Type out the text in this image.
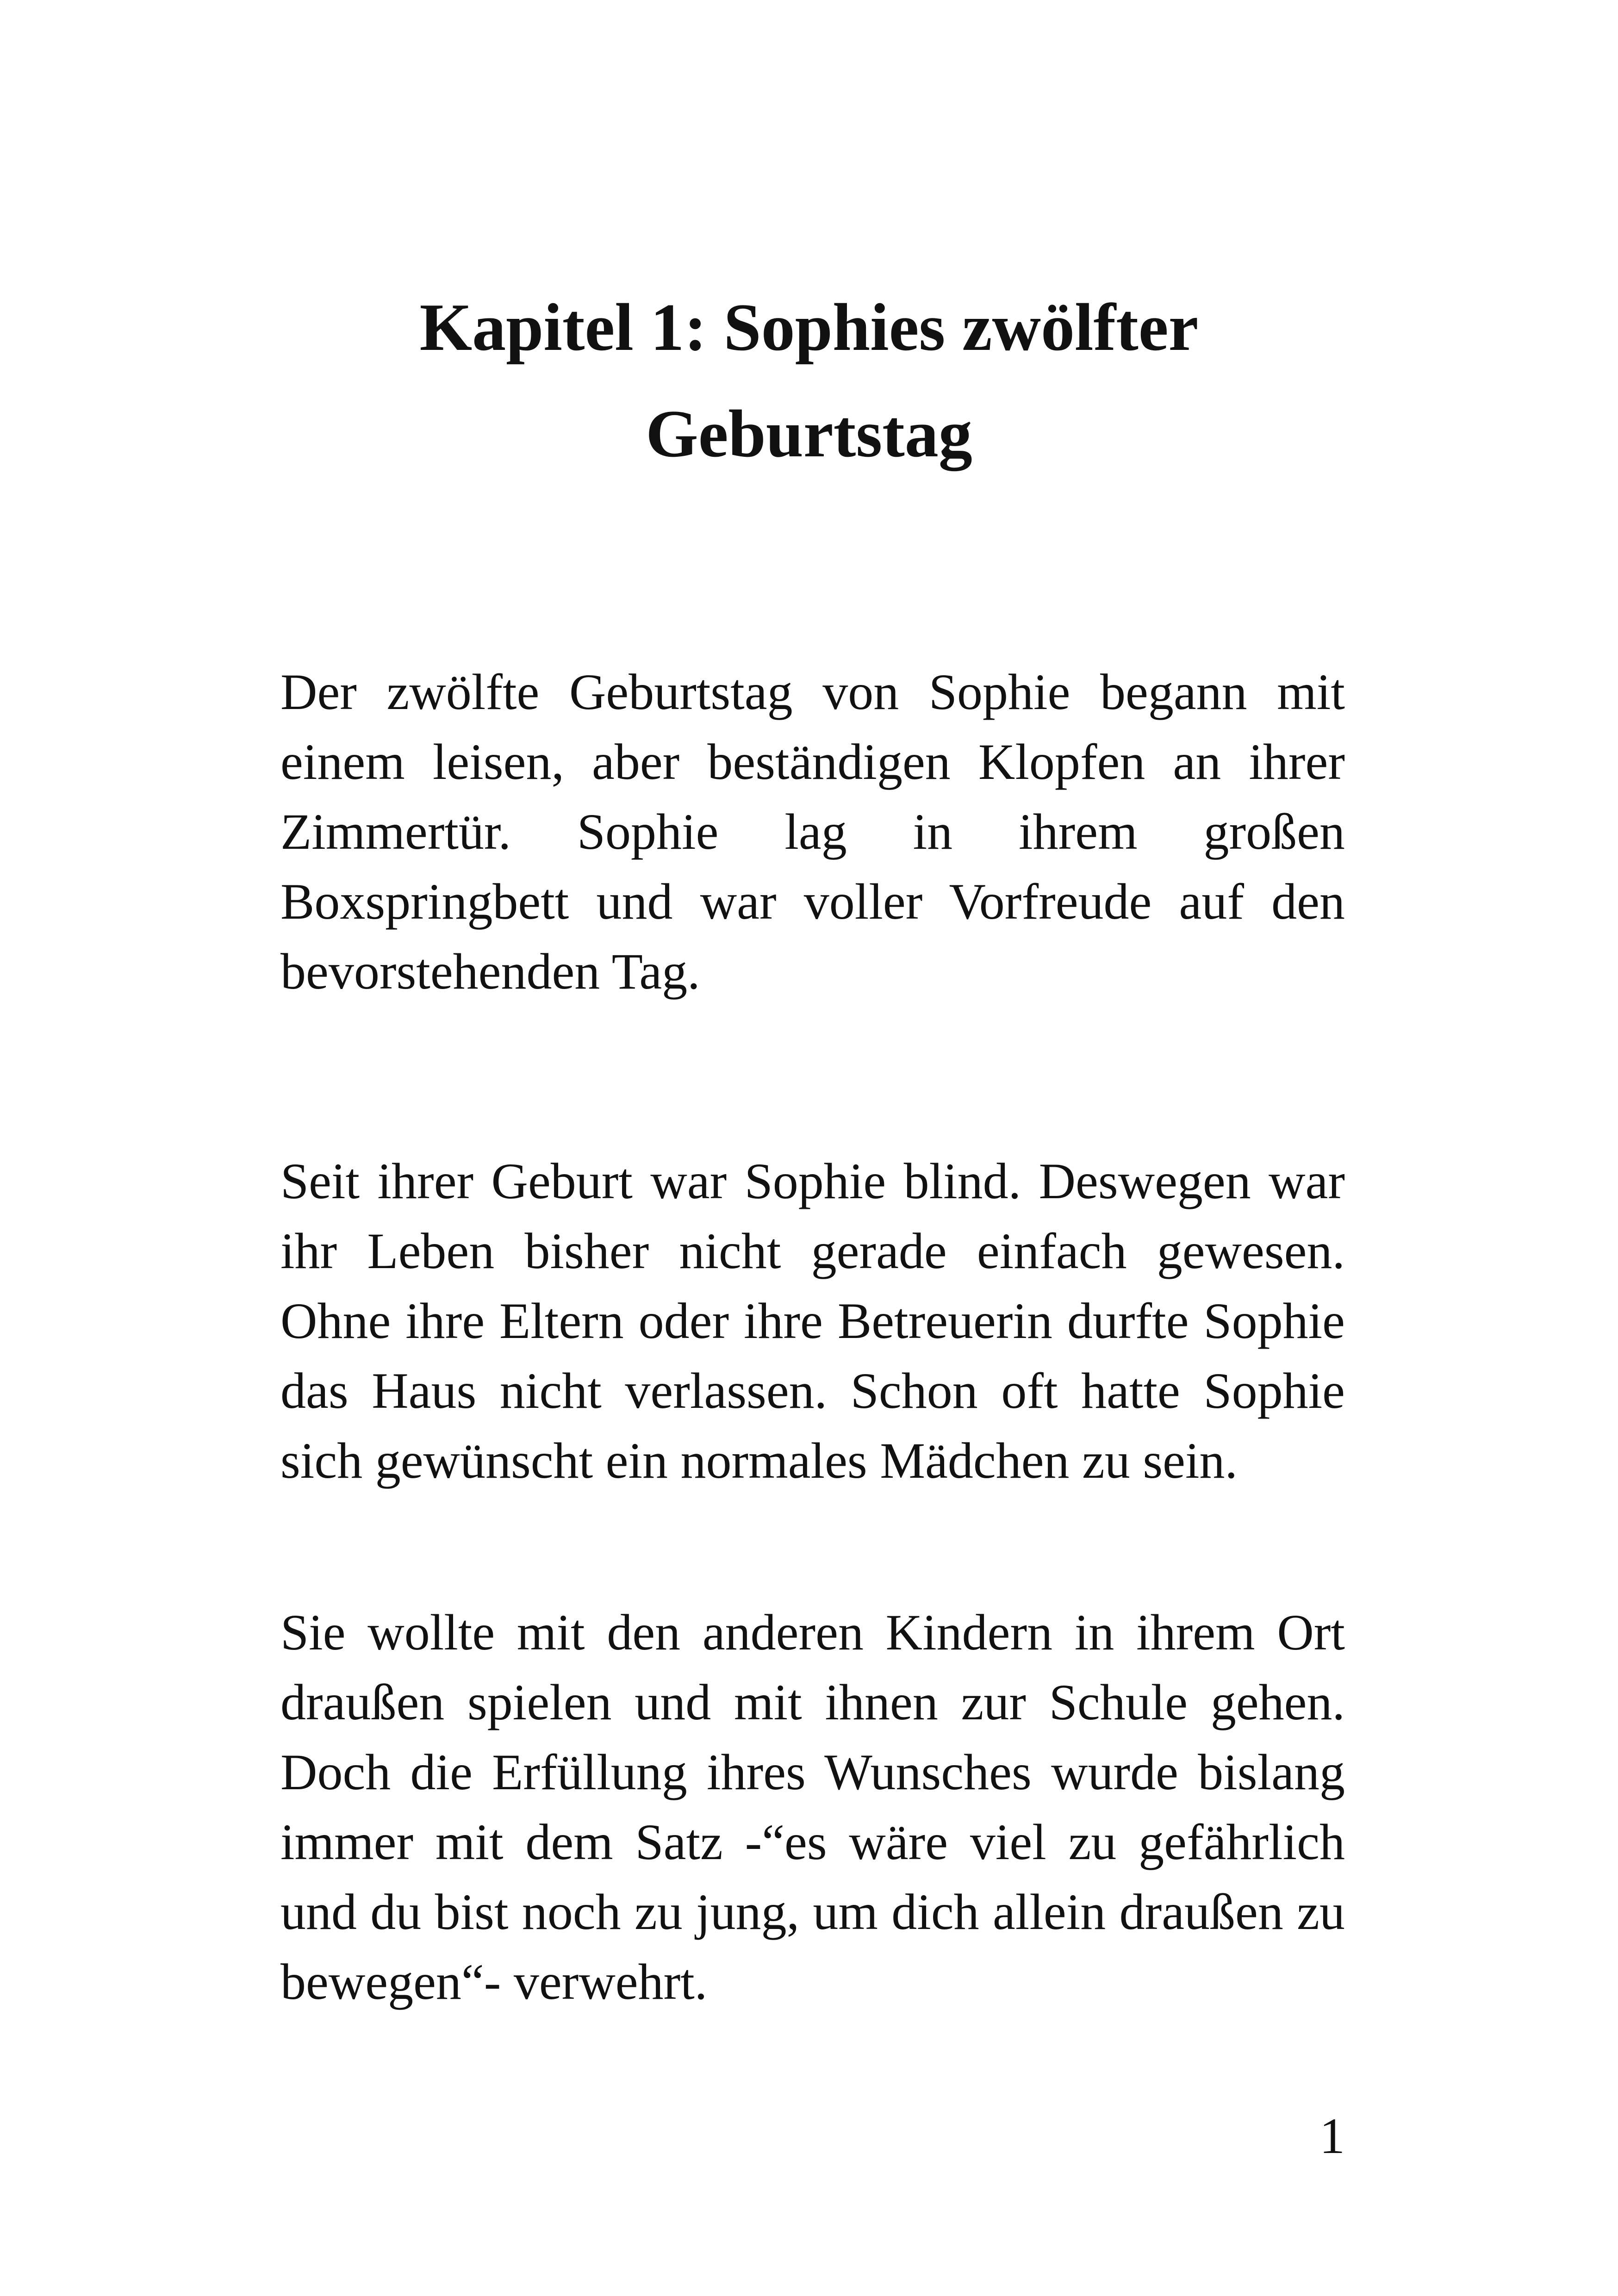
Kapitel 1: Sophies zwölfter
Geburtstag

Der zwölfte Geburtstag von Sophie begann mit einem leisen, aber beständigen Klopfen an ihrer Zimmertür. Sophie lag in ihrem großen Boxspringbett und war voller Vorfreude auf den bevorstehenden Tag.

Seit ihrer Geburt war Sophie blind. Deswegen war ihr Leben bisher nicht gerade einfach gewesen. Ohne ihre Eltern oder ihre Betreuerin durfte Sophie das Haus nicht verlassen. Schon oft hatte Sophie sich gewünscht ein normales Mädchen zu sein.

Sie wollte mit den anderen Kindern in ihrem Ort draußen spielen und mit ihnen zur Schule gehen. Doch die Erfüllung ihres Wunsches wurde bislang immer mit dem Satz -“es wäre viel zu gefährlich und du bist noch zu jung, um dich allein draußen zu bewegen“- verwehrt.

1
